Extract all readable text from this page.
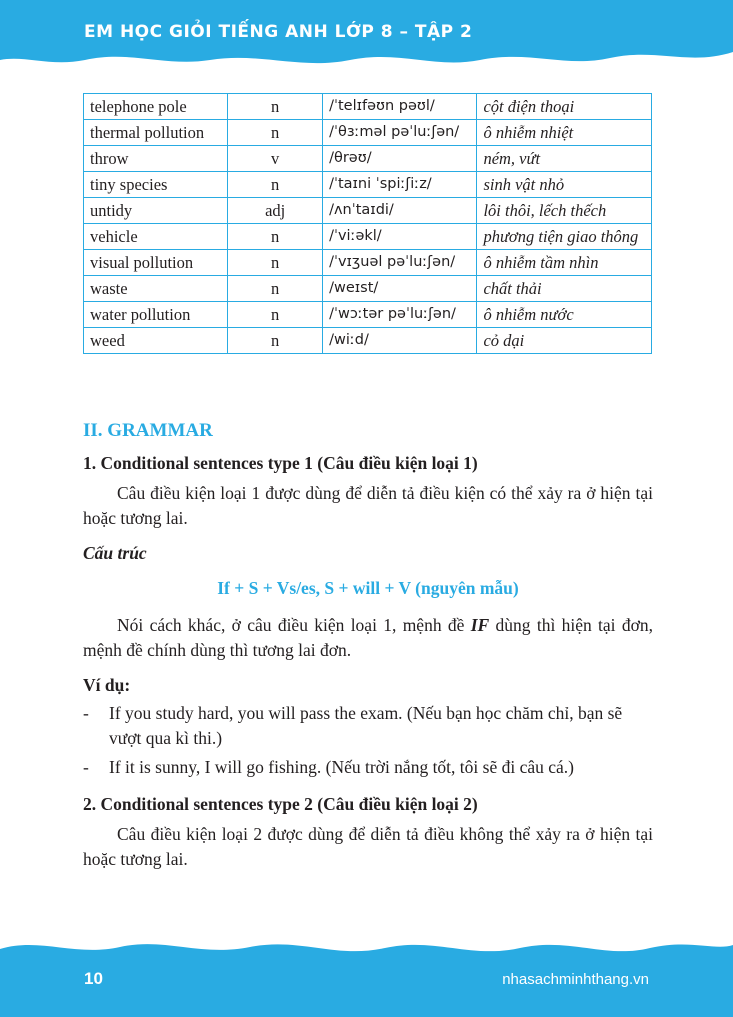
EM HỌC GIỎI TIẾNG ANH LỚP 8 – TẬP 2
telephone pole	n	/ˈtelɪfəʊn pəʊl/	cột điện thoại
thermal pollution	n	/ˈθɜːməl pəˈluːʃən/	ô nhiễm nhiệt
throw	v	/θrəʊ/	ném, vứt
tiny species	n	/ˈtaɪni ˈspiːʃiːz/	sinh vật nhỏ
untidy	adj	/ʌnˈtaɪdi/	lôi thôi, lếch thếch
vehicle	n	/ˈviːəkl/	phương tiện giao thông
visual pollution	n	/ˈvɪʒuəl pəˈluːʃən/	ô nhiễm tầm nhìn
waste	n	/weɪst/	chất thải
water pollution	n	/ˈwɔːtər pəˈluːʃən/	ô nhiễm nước
weed	n	/wiːd/	cỏ dại
II. GRAMMAR
1. Conditional sentences type 1 (Câu điều kiện loại 1)
Câu điều kiện loại 1 được dùng để diễn tả điều kiện có thể xảy ra ở hiện tại hoặc tương lai.
Cấu trúc
If + S + Vs/es, S + will + V (nguyên mẫu)
Nói cách khác, ở câu điều kiện loại 1, mệnh đề IF dùng thì hiện tại đơn, mệnh đề chính dùng thì tương lai đơn.
Ví dụ:
- If you study hard, you will pass the exam. (Nếu bạn học chăm chỉ, bạn sẽ vượt qua kì thi.)
- If it is sunny, I will go fishing. (Nếu trời nắng tốt, tôi sẽ đi câu cá.)
2. Conditional sentences type 2 (Câu điều kiện loại 2)
Câu điều kiện loại 2 được dùng để diễn tả điều không thể xảy ra ở hiện tại hoặc tương lai.
10	nhasachminhthang.vn
